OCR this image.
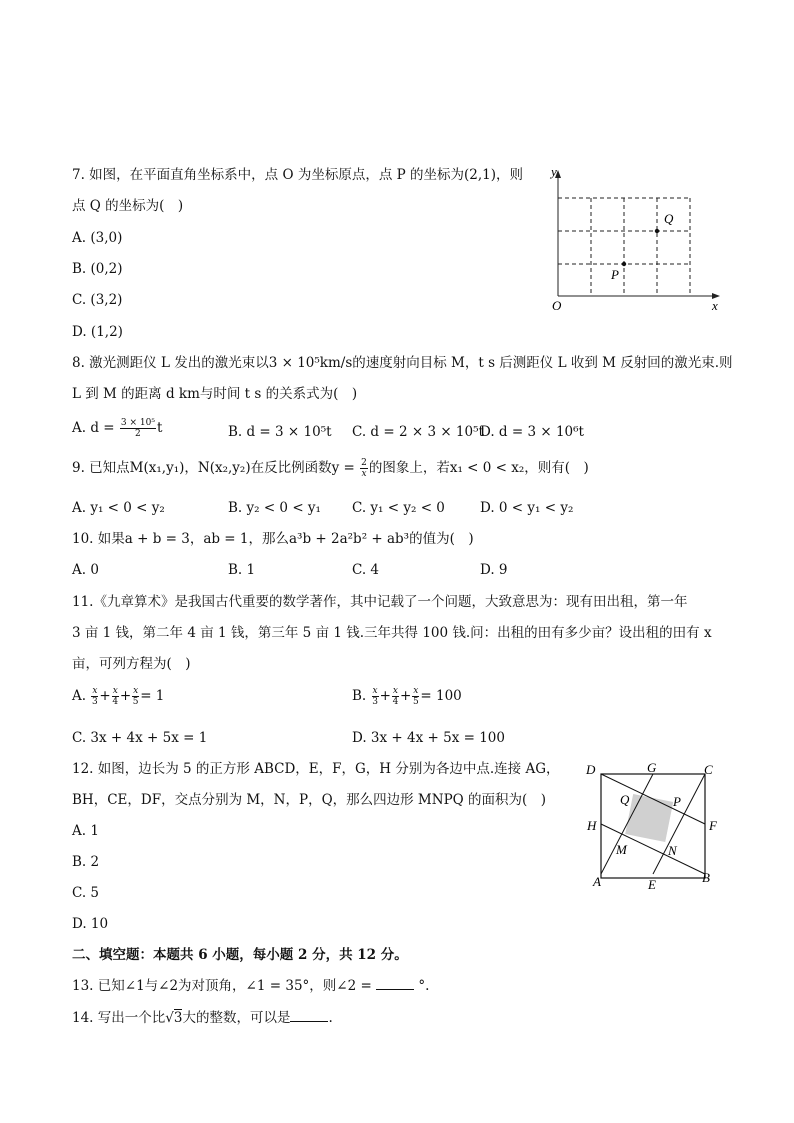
7. 如图，在平面直角坐标系中，点 O 为坐标原点，点 P 的坐标为(2,1)，则
点 Q 的坐标为(　)
A. (3,0)
B. (0,2)
C. (3,2)
D. (1,2)
y
x
O
P
Q
8. 激光测距仪 L 发出的激光束以3 × 10⁵km/s的速度射向目标 M，t s 后测距仪 L 收到 M 反射回的激光束.则
L 到 M 的距离 d km与时间 t s 的关系式为(　)
A. $d = \frac{\text{3 × 10⁵}}{2}$ t	B. d = 3 × 10⁵t C. d = 2 × 3 × 10⁵t
D. d = 3 × 10⁶t
9. 已知点M(x₁,y₁)，N(x₂,y₂)在反比例函数$y = \frac{2}{x}$ 的图象上，若x₁ < 0 < x₂，则有(　)
A. y₁ < 0 < y₂	B. y₂ < 0 < y₁ C. y₁ < y₂ < 0	D. 0 < y₁ < y₂
10. 如果a + b = 3，ab = 1，那么a³b + 2a²b² + ab³的值为(　)
A. 0	B. 1	C. 4	D. 9
11.《九章算术》是我国古代重要的数学著作，其中记载了一个问题，大致意思为：现有田出租，第一年
3 亩 1 钱，第二年 4 亩 1 钱，第三年 5 亩 1 钱.三年共得 100 钱.问：出租的田有多少亩？设出租的田有 x
亩，可列方程为(　)
A. $\frac{x}{3} + \frac{x}{4} + \frac{x}{5} = 1$	B. $\frac{x}{3} + \frac{x}{4} + \frac{x}{5} = 100$
C. 3x + 4x + 5x = 1	D. 3x + 4x + 5x = 100
12. 如图，边长为 5 的正方形 ABCD，E，F，G，H 分别为各边中点.连接 AG，
BH，CE，DF，交点分别为 M，N，P，Q，那么四边形 MNPQ 的面积为(　)
A. 1
B. 2
C. 5
D. 10
D	C
A	B
G
E
H	F
Q	P
M	N
二、填空题：本题共 6 小题，每小题 2 分，共 12 分。
13. 已知∠1与∠2为对顶角，∠1 = 35°，则∠2 =	°.
14. 写出一个比√3大的整数，可以是	.
